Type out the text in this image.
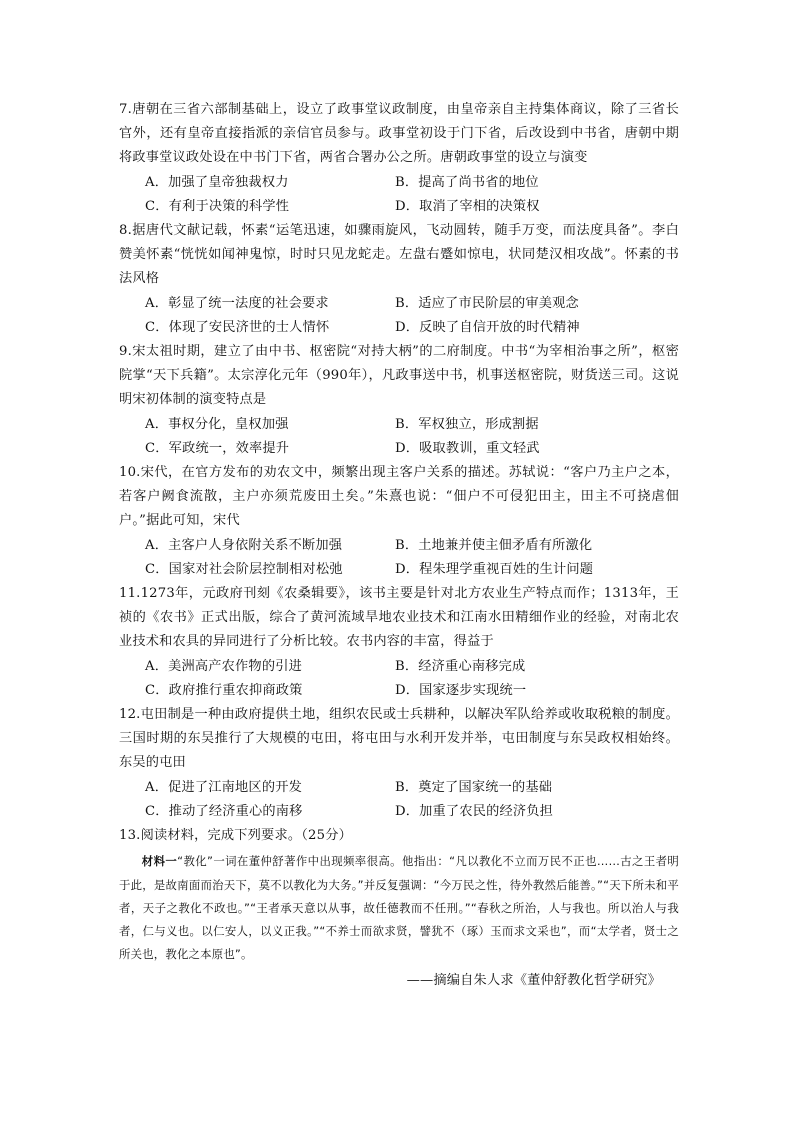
7.唐朝在三省六部制基础上，设立了政事堂议政制度，由皇帝亲自主持集体商议，除了三省长官外，还有皇帝直接指派的亲信官员参与。政事堂初设于门下省，后改设到中书省，唐朝中期将政事堂议政处设在中书门下省，两省合署办公之所。唐朝政事堂的设立与演变
A．加强了皇帝独裁权力	B．提高了尚书省的地位
C．有利于决策的科学性	D．取消了宰相的决策权
8.据唐代文献记载，怀素“运笔迅速，如骤雨旋风，飞动圆转，随手万变，而法度具备”。李白赞美怀素“恍恍如闻神鬼惊，时时只见龙蛇走。左盘右蹙如惊电，状同楚汉相攻战”。怀素的书法风格
A．彰显了统一法度的社会要求	B．适应了市民阶层的审美观念
C．体现了安民济世的士人情怀	D．反映了自信开放的时代精神
9.宋太祖时期，建立了由中书、枢密院“对持大柄”的二府制度。中书“为宰相治事之所”，枢密院掌“天下兵籍”。太宗淳化元年（990年），凡政事送中书，机事送枢密院，财货送三司。这说明宋初体制的演变特点是
A．事权分化，皇权加强	B．军权独立，形成割据
C．军政统一，效率提升	D．吸取教训，重文轻武
10.宋代，在官方发布的劝农文中，频繁出现主客户关系的描述。苏轼说：“客户乃主户之本，若客户阙食流散，主户亦须荒废田土矣。”朱熹也说：“佃户不可侵犯田主，田主不可挠虐佃户。”据此可知，宋代
A．主客户人身依附关系不断加强	B．土地兼并使主佃矛盾有所激化
C．国家对社会阶层控制相对松弛	D．程朱理学重视百姓的生计问题
11.1273年，元政府刊刻《农桑辑要》，该书主要是针对北方农业生产特点而作；1313年，王祯的《农书》正式出版，综合了黄河流域旱地农业技术和江南水田精细作业的经验，对南北农业技术和农具的异同进行了分析比较。农书内容的丰富，得益于
A．美洲高产农作物的引进	B．经济重心南移完成
C．政府推行重农抑商政策	D．国家逐步实现统一
12.屯田制是一种由政府提供土地，组织农民或士兵耕种，以解决军队给养或收取税粮的制度。三国时期的东吴推行了大规模的屯田，将屯田与水利开发并举，屯田制度与东吴政权相始终。东吴的屯田
A．促进了江南地区的开发	B．奠定了国家统一的基础
C．推动了经济重心的南移	D．加重了农民的经济负担
13.阅读材料，完成下列要求。（25分）
材料一“教化”一词在董仲舒著作中出现频率很高。他指出：“凡以教化不立而万民不正也……古之王者明于此，是故南面而治天下，莫不以教化为大务。”并反复强调：“今万民之性，待外教然后能善。”“天下所未和平者，天子之教化不政也。”“王者承天意以从事，故任德教而不任刑。”“春秋之所治，人与我也。所以治人与我者，仁与义也。以仁安人，以义正我。”“不养士而欲求贤，譬犹不（琢）玉而求文采也”，而“太学者，贤士之所关也，教化之本原也”。
——摘编自朱人求《董仲舒教化哲学研究》
